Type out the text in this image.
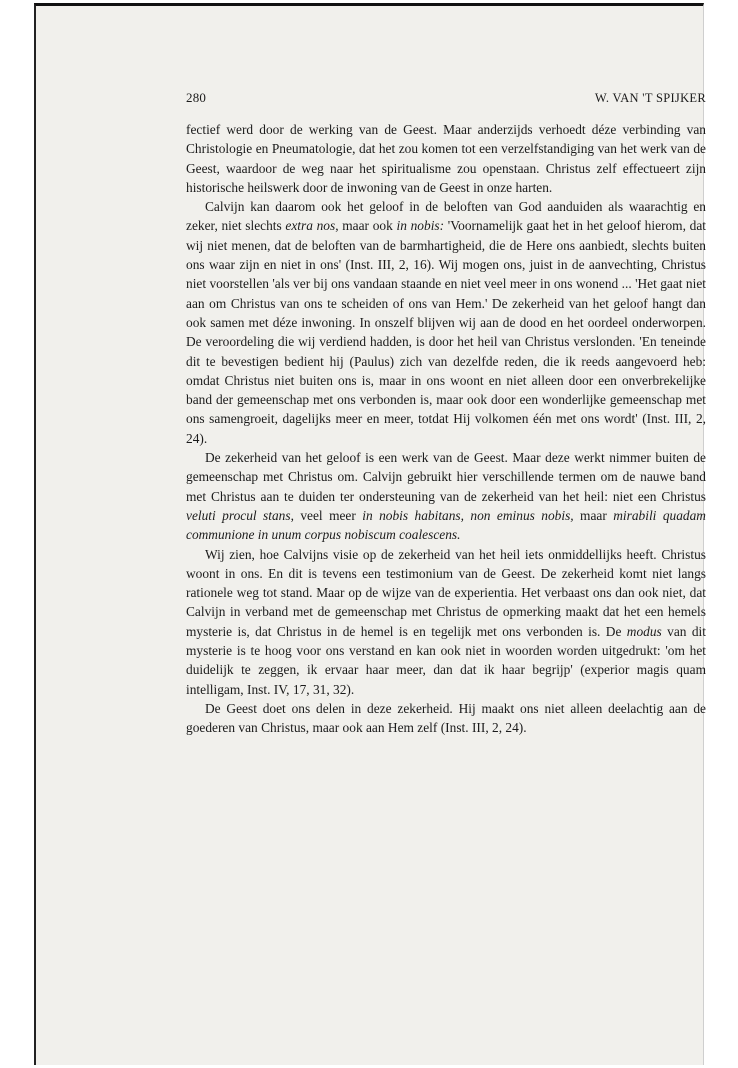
280	W. VAN 'T SPIJKER

fectief werd door de werking van de Geest. Maar anderzijds verhoedt déze verbinding van Christologie en Pneumatologie, dat het zou komen tot een verzelfstandiging van het werk van de Geest, waardoor de weg naar het spiritualisme zou openstaan. Christus zelf effectueert zijn historische heilswerk door de inwoning van de Geest in onze harten.

Calvijn kan daarom ook het geloof in de beloften van God aanduiden als waarachtig en zeker, niet slechts extra nos, maar ook in nobis: 'Voornamelijk gaat het in het geloof hierom, dat wij niet menen, dat de beloften van de barmhartigheid, die de Here ons aanbiedt, slechts buiten ons waar zijn en niet in ons' (Inst. III, 2, 16). Wij mogen ons, juist in de aanvechting, Christus niet voorstellen 'als ver bij ons vandaan staande en niet veel meer in ons wonend ... 'Het gaat niet aan om Christus van ons te scheiden of ons van Hem.' De zekerheid van het geloof hangt dan ook samen met déze inwoning. In onszelf blijven wij aan de dood en het oordeel onderworpen. De veroordeling die wij verdiend hadden, is door het heil van Christus verslonden. 'En teneinde dit te bevestigen bedient hij (Paulus) zich van dezelfde reden, die ik reeds aangevoerd heb: omdat Christus niet buiten ons is, maar in ons woont en niet alleen door een onverbrekelijke band der gemeenschap met ons verbonden is, maar ook door een wonderlijke gemeenschap met ons samengroeit, dagelijks meer en meer, totdat Hij volkomen één met ons wordt' (Inst. III, 2, 24).

De zekerheid van het geloof is een werk van de Geest. Maar deze werkt nimmer buiten de gemeenschap met Christus om. Calvijn gebruikt hier verschillende termen om de nauwe band met Christus aan te duiden ter ondersteuning van de zekerheid van het heil: niet een Christus veluti procul stans, veel meer in nobis habitans, non eminus nobis, maar mirabili quadam communione in unum corpus nobiscum coalescens.

Wij zien, hoe Calvijns visie op de zekerheid van het heil iets onmiddellijks heeft. Christus woont in ons. En dit is tevens een testimonium van de Geest. De zekerheid komt niet langs rationele weg tot stand. Maar op de wijze van de experientia. Het verbaast ons dan ook niet, dat Calvijn in verband met de gemeenschap met Christus de opmerking maakt dat het een hemels mysterie is, dat Christus in de hemel is en tegelijk met ons verbonden is. De modus van dit mysterie is te hoog voor ons verstand en kan ook niet in woorden worden uitgedrukt: 'om het duidelijk te zeggen, ik ervaar haar meer, dan dat ik haar begrijp' (experior magis quam intelligam, Inst. IV, 17, 31, 32).

De Geest doet ons delen in deze zekerheid. Hij maakt ons niet alleen deelachtig aan de goederen van Christus, maar ook aan Hem zelf (Inst. III, 2, 24).
